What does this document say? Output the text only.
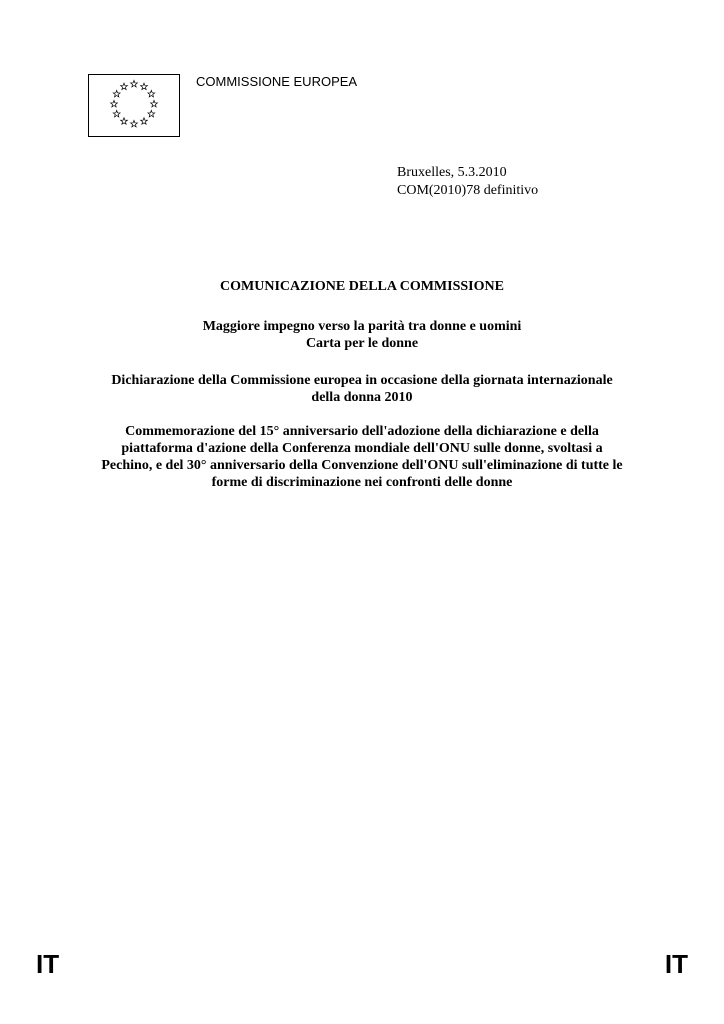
COMMISSIONE EUROPEA
Bruxelles, 5.3.2010
COM(2010)78 definitivo
COMUNICAZIONE DELLA COMMISSIONE
Maggiore impegno verso la parità tra donne e uomini
Carta per le donne
Dichiarazione della Commissione europea in occasione della giornata internazionale
della donna 2010
Commemorazione del 15° anniversario dell'adozione della dichiarazione e della
piattaforma d'azione della Conferenza mondiale dell'ONU sulle donne, svoltasi a
Pechino, e del 30° anniversario della Convenzione dell'ONU sull'eliminazione di tutte le
forme di discriminazione nei confronti delle donne
IT	IT
